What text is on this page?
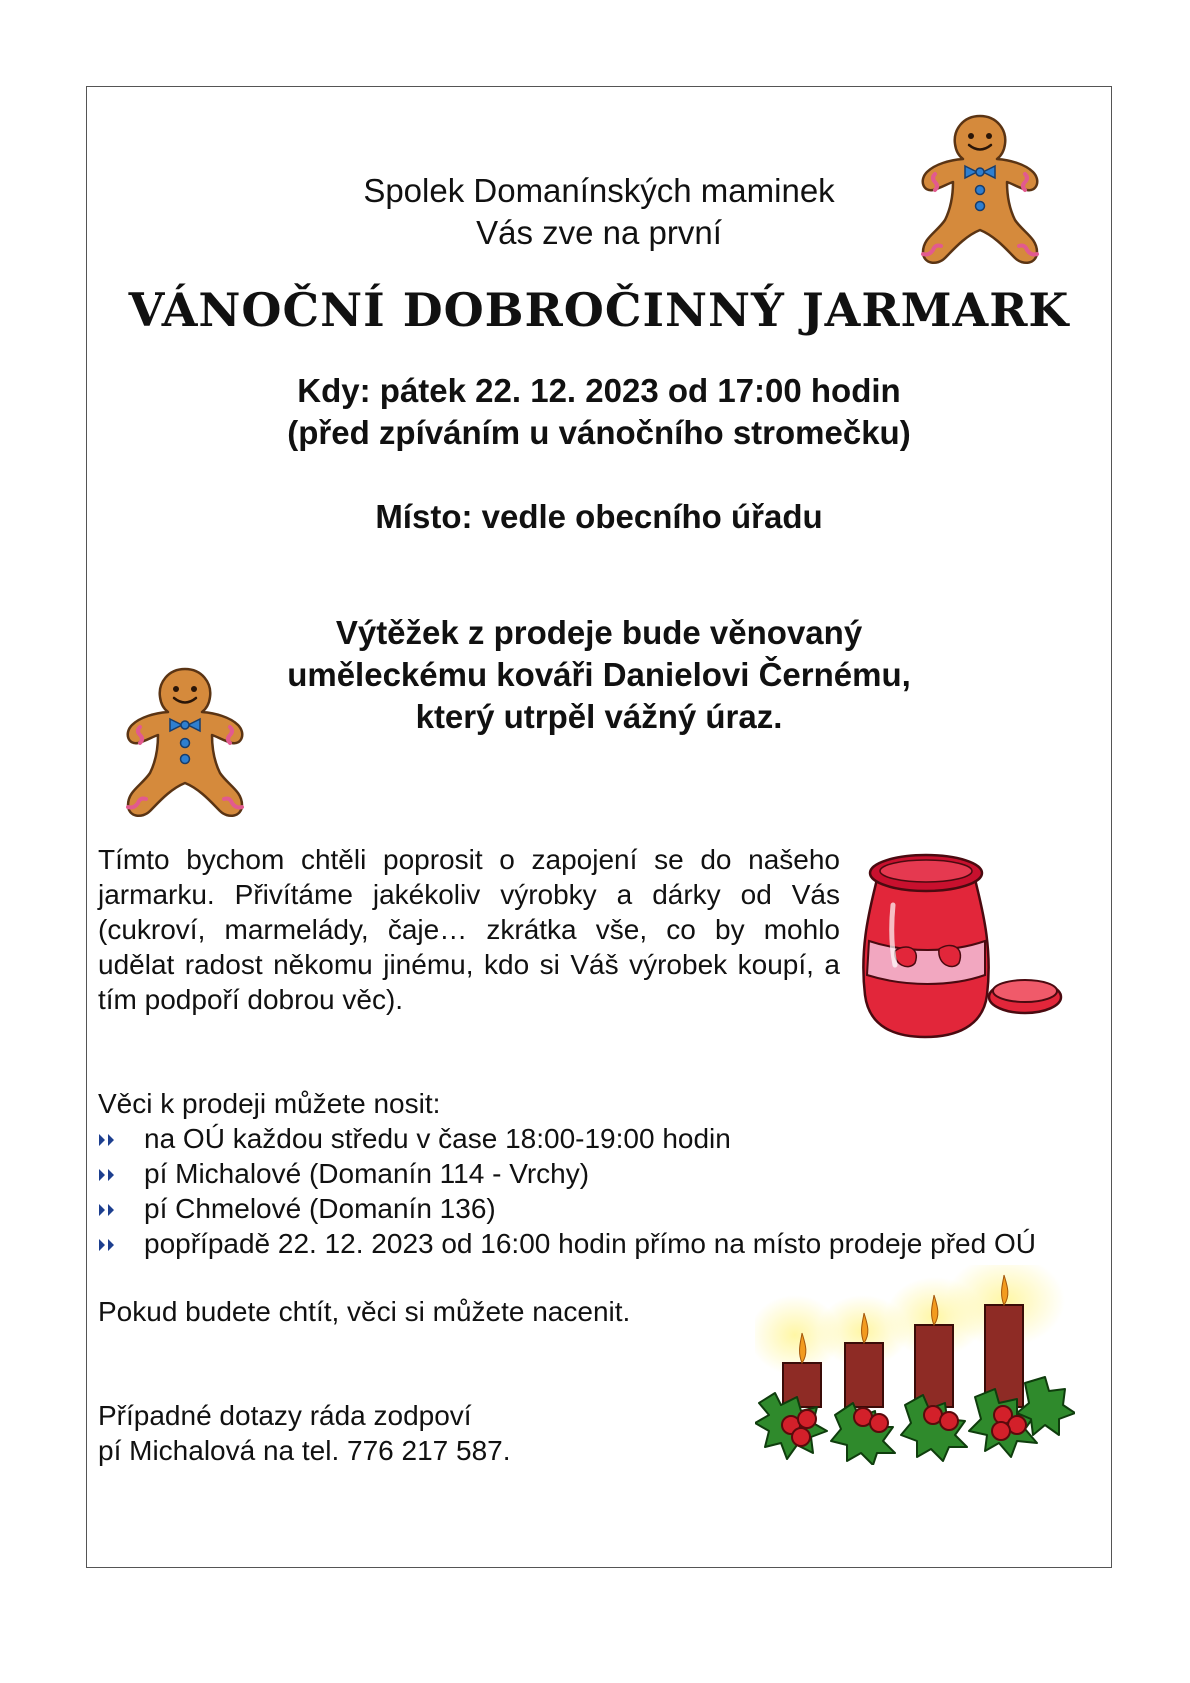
Spolek Domanínských maminek
Vás zve na první
VÁNOČNÍ DOBROČINNÝ JARMARK
Kdy: pátek 22. 12. 2023 od 17:00 hodin
(před zpíváním u vánočního stromečku)
Místo: vedle obecního úřadu
Výtěžek z prodeje bude věnovaný
uměleckému kováři Danielovi Černému,
který utrpěl vážný úraz.
Tímto bychom chtěli poprosit o zapojení se do našeho jarmarku. Přivítáme jakékoliv výrobky a dárky od Vás (cukroví, marmelády, čaje… zkrátka vše, co by mohlo udělat radost někomu jinému, kdo si Váš výrobek koupí, a tím podpoří dobrou věc).
Věci k prodeji můžete nosit:
na OÚ každou středu v čase 18:00-19:00 hodin
pí Michalové (Domanín 114 - Vrchy)
pí Chmelové (Domanín 136)
popřípadě 22. 12. 2023 od 16:00 hodin přímo na místo prodeje před OÚ
Pokud budete chtít, věci si můžete nacenit.
Případné dotazy ráda zodpoví
pí Michalová na tel. 776 217 587.
